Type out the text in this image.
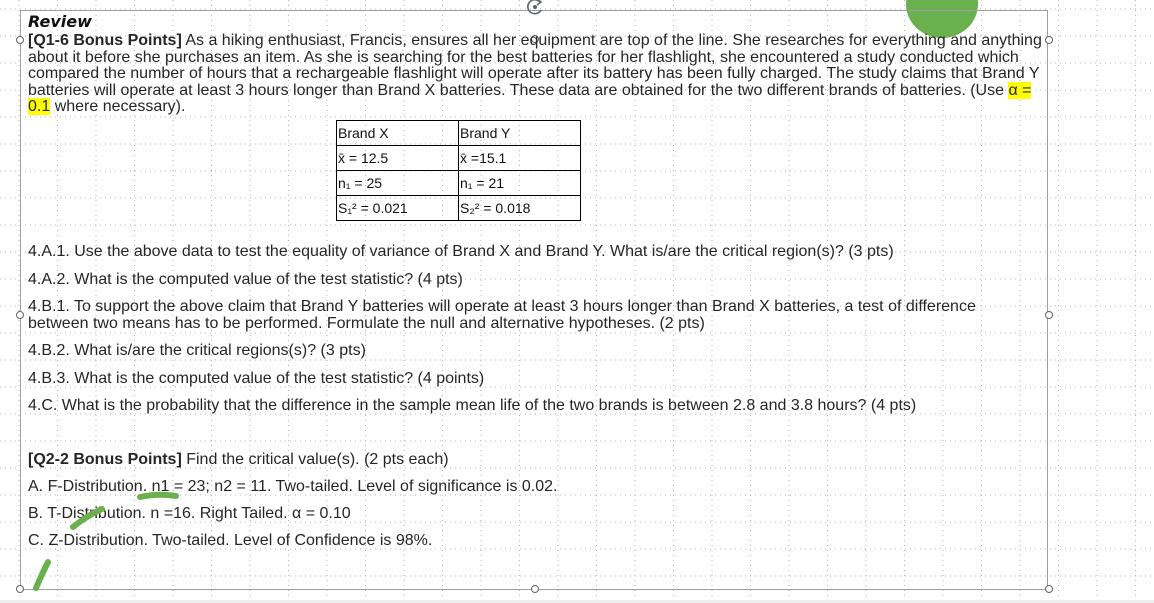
Review
[Q1-6 Bonus Points] As a hiking enthusiast, Francis, ensures all her equipment are top of the line. She researches for everything and anything about it before she purchases an item. As she is searching for the best batteries for her flashlight, she encountered a study conducted which compared the number of hours that a rechargeable flashlight will operate after its battery has been fully charged. The study claims that Brand Y batteries will operate at least 3 hours longer than Brand X batteries. These data are obtained for the two different brands of batteries. (Use α = 0.1 where necessary).
Brand X	Brand Y
x̄ = 12.5	x̄ =15.1
n₁ = 25	n₁ = 21
S₁² = 0.021	S₂² = 0.018
4.A.1. Use the above data to test the equality of variance of Brand X and Brand Y. What is/are the critical region(s)? (3 pts)
4.A.2. What is the computed value of the test statistic? (4 pts)
4.B.1. To support the above claim that Brand Y batteries will operate at least 3 hours longer than Brand X batteries, a test of difference between two means has to be performed. Formulate the null and alternative hypotheses. (2 pts)
4.B.2. What is/are the critical regions(s)? (3 pts)
4.B.3. What is the computed value of the test statistic? (4 points)
4.C. What is the probability that the difference in the sample mean life of the two brands is between 2.8 and 3.8 hours? (4 pts)
[Q2-2 Bonus Points] Find the critical value(s). (2 pts each)
A. F-Distribution. n1 = 23; n2 = 11. Two-tailed. Level of significance is 0.02.
B. T-Distribution. n =16. Right Tailed. α = 0.10
C. Z-Distribution. Two-tailed. Level of Confidence is 98%.
